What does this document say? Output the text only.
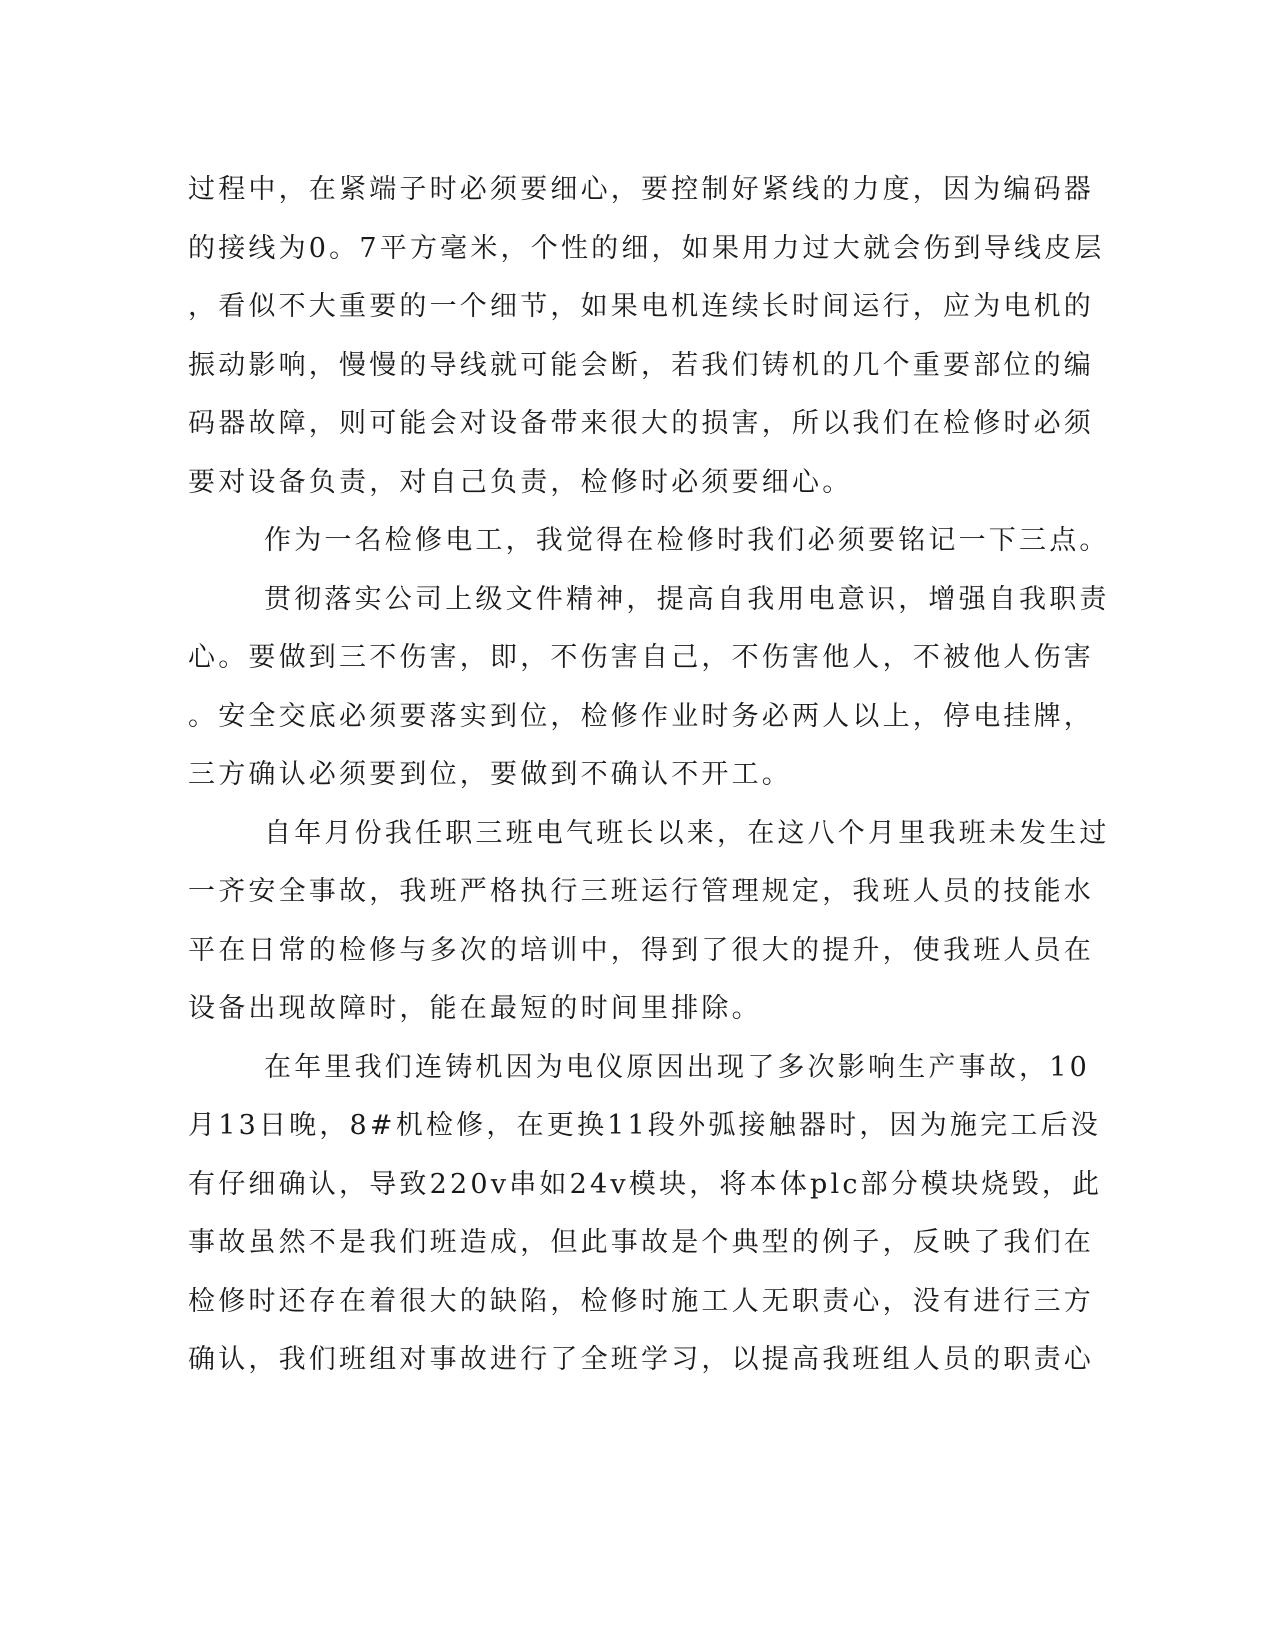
过程中，在紧端子时必须要细心，要控制好紧线的力度，因为编码器
的接线为0。7平方毫米，个性的细，如果用力过大就会伤到导线皮层
，看似不大重要的一个细节，如果电机连续长时间运行，应为电机的
振动影响，慢慢的导线就可能会断，若我们铸机的几个重要部位的编
码器故障，则可能会对设备带来很大的损害，所以我们在检修时必须
要对设备负责，对自己负责，检修时必须要细心。
作为一名检修电工，我觉得在检修时我们必须要铭记一下三点。
贯彻落实公司上级文件精神，提高自我用电意识，增强自我职责
心。要做到三不伤害，即，不伤害自己，不伤害他人，不被他人伤害
。安全交底必须要落实到位，检修作业时务必两人以上，停电挂牌，
三方确认必须要到位，要做到不确认不开工。
自年月份我任职三班电气班长以来，在这八个月里我班未发生过
一齐安全事故，我班严格执行三班运行管理规定，我班人员的技能水
平在日常的检修与多次的培训中，得到了很大的提升，使我班人员在
设备出现故障时，能在最短的时间里排除。
在年里我们连铸机因为电仪原因出现了多次影响生产事故，10
月13日晚，8#机检修，在更换11段外弧接触器时，因为施完工后没
有仔细确认，导致220v串如24v模块，将本体plc部分模块烧毁，此
事故虽然不是我们班造成，但此事故是个典型的例子，反映了我们在
检修时还存在着很大的缺陷，检修时施工人无职责心，没有进行三方
确认，我们班组对事故进行了全班学习，以提高我班组人员的职责心
